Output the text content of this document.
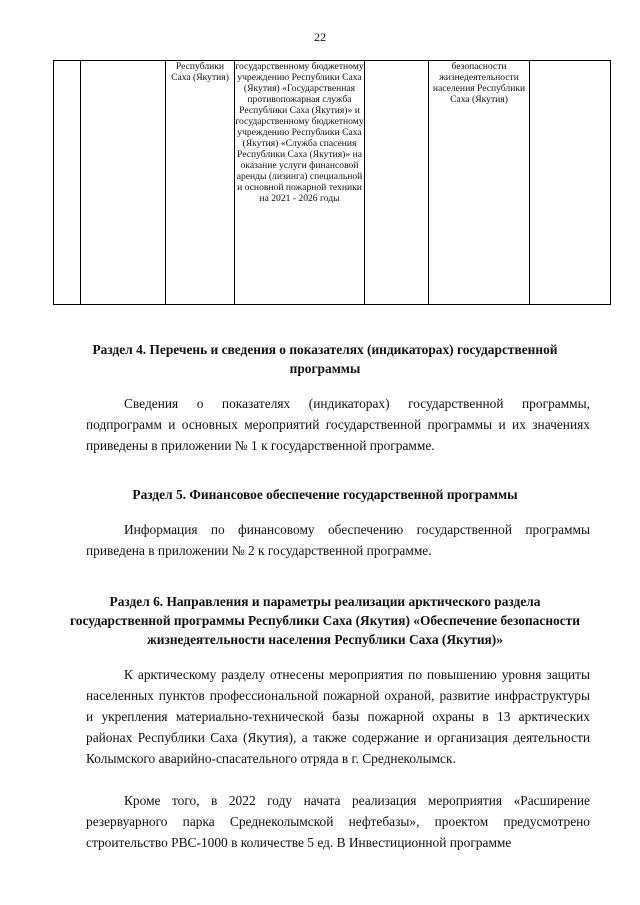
22
		Республики Саха (Якутия)	государственному бюджетному учреждению Республики Саха (Якутия) «Государственная противопожарная служба Республики Саха (Якутия)» и государственному бюджетному учреждению Республики Саха (Якутия) «Служба спасения Республики Саха (Якутия)» на оказание услуги финансовой аренды (лизинга) специальной и основной пожарной техники на 2021 - 2026 годы		безопасности жизнедеятельности населения Республики Саха (Якутия)	
Раздел 4. Перечень и сведения о показателях (индикаторах) государственной программы
Сведения о показателях (индикаторах) государственной программы, подпрограмм и основных мероприятий государственной программы и их значениях приведены в приложении № 1 к государственной программе.
Раздел 5. Финансовое обеспечение государственной программы
Информация по финансовому обеспечению государственной программы приведена в приложении № 2 к государственной программе.
Раздел 6. Направления и параметры реализации арктического раздела государственной программы Республики Саха (Якутия) «Обеспечение безопасности жизнедеятельности населения Республики Саха (Якутия)»
К арктическому разделу отнесены мероприятия по повышению уровня защиты населенных пунктов профессиональной пожарной охраной, развитие инфраструктуры и укрепления материально-технической базы пожарной охраны в 13 арктических районах Республики Саха (Якутия), а также содержание и организация деятельности Колымского аварийно-спасательного отряда в г. Среднеколымск.
Кроме того, в 2022 году начата реализация мероприятия «Расширение резервуарного парка Среднеколымской нефтебазы», проектом предусмотрено строительство РВС-1000 в количестве 5 ед. В Инвестиционной программе
